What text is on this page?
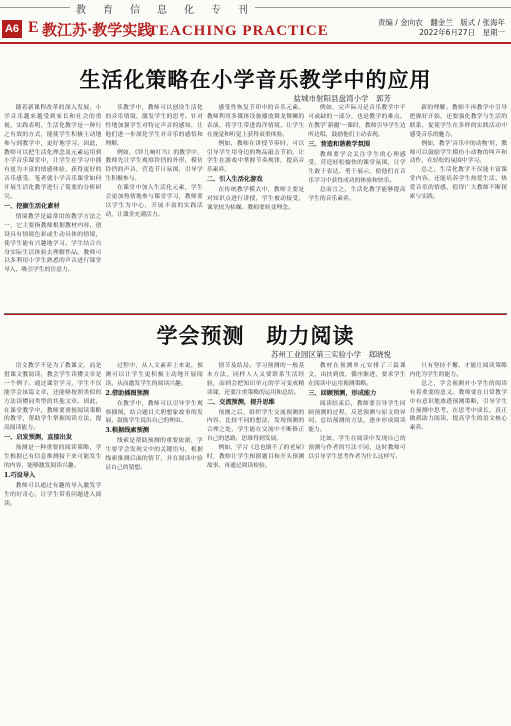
教 育 信 息 化 专 刊
A6 E 教江苏·教学实践
TEACHING PRACTICE
责编 / 金向农　翻金兰　版式 / 张海年
2022年6月27日　星期一
生活化策略在小学音乐教学中的应用
盐城市射阳县盘湾小学　郭芳

随着新课程改革的深入发展，小学音乐越来越受到家长和社会的重视。实践表明，生活化教学是一种行之有效的方式，能使学生积极主动地参与到教学中，更好地学习。因此，教师可以把生活化理念及元素运用到小学音乐课堂中，让学生在学习中拥有更为丰富的情感体验，获得更好的音乐感受。笔者就小学音乐课堂如何开展生活化教学进行了简要的分析研究。

一、挖掘生活化素材

情境教学是最常用的教学方法之一，它主要指教师根据教材内容，创设具有情境色彩或生动具体的情境，使学生能有兴趣地学习。学生结合自身实际生活体验去理解作品。教师可以多利用小学生熟悉的声音进行课堂导入，吸引学生的注意力。

乐教学中，教师可以创设生活化的音乐情境，激发学生的思考。针对性地加强学生对特定声音的感知，让他们进一步深化学生对音乐的感悟和理解。

例如，《铃儿响叮当》的教学中，教师先让学生观察铃铛的外形，模仿铃铛的声音，营造节日氛围，引导学生积极参与。

在课堂中加入生活化元素，学生会更加热情地参与课堂学习，教师要以学生为中心，开展丰富的实践活动，让课堂充满活力。

感受性恢复节印中的音乐元素。教师利用多媒体设备播放舞龙舞狮的表演，将学生带进海洋情境，让学生在视觉和听觉上获得双重体验。

例如，教师在讲授节奏时，可以引导学生用身边的物品敲击节拍，让学生在游戏中掌握节奏规律，提高音乐素养。

二、引入生活化游戏

在传统教学模式中，教师主要是对知识点进行讲授，学生被动接受，课堂较为枯燥。教师要转变理念。

例如，完声际习是音乐教学中不可或缺的一部分，也是教学的难点。在教学‘新疆’一课时，教师引导学生边听边唱，鼓励他们主动表现。

三、营造和谐教学氛围

教师要学会关注学生的心理感受，营造轻松愉快的课堂氛围，让学生敢于表达、勇于展示，使他们在音乐学习中获得成功的体验和快乐。

总而言之，生活化教学能够提高学生的音乐素养。

新的理解。教师不再教学中引导把握好开始，还要强化教学与生活的联系，促使学生在多样的实践活动中感受音乐的魅力。

例如，教学‘音乐中的动物’时，教师可以鼓励学生模仿小动物的叫声和动作，在轻松的氛围中学习。

总之，生活化教学不仅能丰富课堂内容，还能培养学生热爱生活、热爱音乐的情感，值得广大教师不断探索与实践。

学会预测　助力阅读
苏州工业园区第三实验小学　郑晓悦

语文教学不是为了教课文，而是借课文教阅读，教会学生读懂文章是一个例子。通过课堂学习，学生不仅能学会该篇文章，还能够按照类似的方法读懂同类型的其他文章。因此，在课堂教学中，教师要重视阅读策略的教学，帮助学生掌握阅读方法，提高阅读能力。

一、启发预测，直接出发

预测是一种重要的阅读策略，学生根据已有信息推测接下来可能发生的内容，能够激发阅读兴趣。

1.巧设导入

教师可以通过有趣的导入激发学生的好奇心，让学生带着问题进入阅读。

过程中，从人文素养上来说，预测可以让学生更积极主动地开展阅读，从而激发学生的阅读兴趣。

2.借助插图预测

在教学中，教师可以引导学生观察插图，结合题目大胆想象故事的发展，鼓励学生说出自己的理由。

3.根据线索预测

线索是帮助预测的重要依据，学生要学会发现文中的关键语句，根据线索推测后面的情节，并在阅读中验证自己的猜想。

情节及结局。学习预测的一般基本方法，同样人人又要联系生活经验，而到会把知识单元的学习变成精读课，还要注重策略的运用和总结。

二、交流预测，提升思维

预测之后，组织学生交流预测的内容，比较不同的想法，发现预测的合理之处，学生能在交流中不断修正自己的思路，思维得到发展。

例如，学习《总也倒不了的老屋》时，教师让学生根据题目和开头预测故事，再通过阅读检验。

教材在预测单元安排了三篇课文，由扶到放，循序渐进，要求学生在阅读中运用预测策略。

三、回顾预测，形成能力

阅读结束后，教师要引导学生回顾预测的过程，反思预测与原文的异同，总结预测的方法，逐步形成阅读能力。

比如，学生在阅读中发现自己的预测与作者的写法不同，这时教师可以引导学生思考作者为什么这样写。

只有坚持不懈，才能让阅读策略内化为学生的能力。

总之，学会预测对小学生的阅读有着重要的意义。教师要在日常教学中有意识地渗透预测策略，引导学生在预测中思考、在思考中成长，真正做到助力阅读，提高学生的语文核心素养。
